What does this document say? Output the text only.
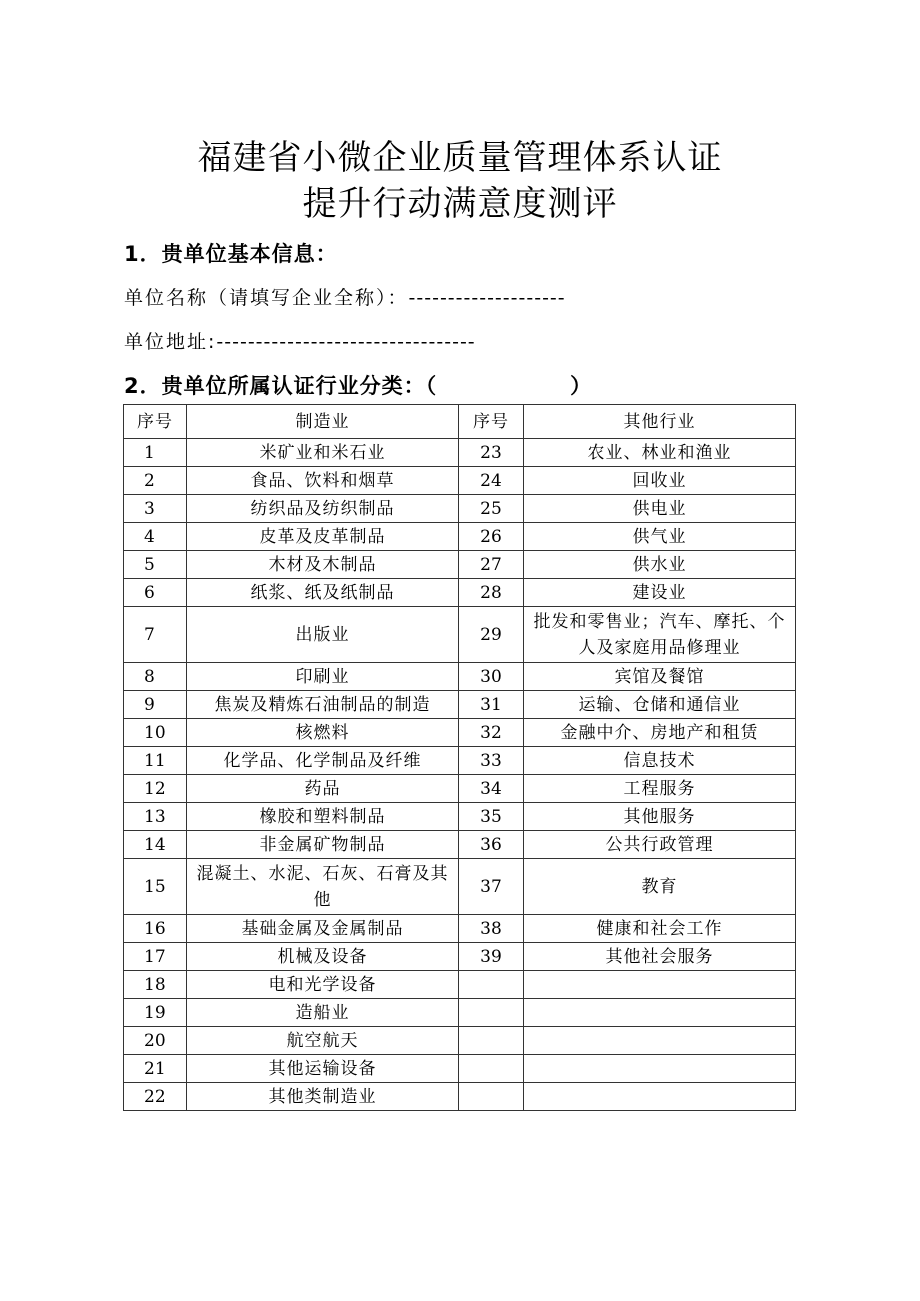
福建省小微企业质量管理体系认证
提升行动满意度测评
1．贵单位基本信息：
单位名称（请填写企业全称）：--------------------
单位地址:---------------------------------
2．贵单位所属认证行业分类：（                ）
序号	制造业	序号	其他行业
1	米矿业和米石业	23	农业、林业和渔业
2	食品、饮料和烟草	24	回收业
3	纺织品及纺织制品	25	供电业
4	皮革及皮革制品	26	供气业
5	木材及木制品	27	供水业
6	纸浆、纸及纸制品	28	建设业
7	出版业	29	批发和零售业；汽车、摩托、个人及家庭用品修理业
8	印刷业	30	宾馆及餐馆
9	焦炭及精炼石油制品的制造	31	运输、仓储和通信业
10	核燃料	32	金融中介、房地产和租赁
11	化学品、化学制品及纤维	33	信息技术
12	药品	34	工程服务
13	橡胶和塑料制品	35	其他服务
14	非金属矿物制品	36	公共行政管理
15	混凝土、水泥、石灰、石膏及其他	37	教育
16	基础金属及金属制品	38	健康和社会工作
17	机械及设备	39	其他社会服务
18	电和光学设备		
19	造船业		
20	航空航天		
21	其他运输设备		
22	其他类制造业		
